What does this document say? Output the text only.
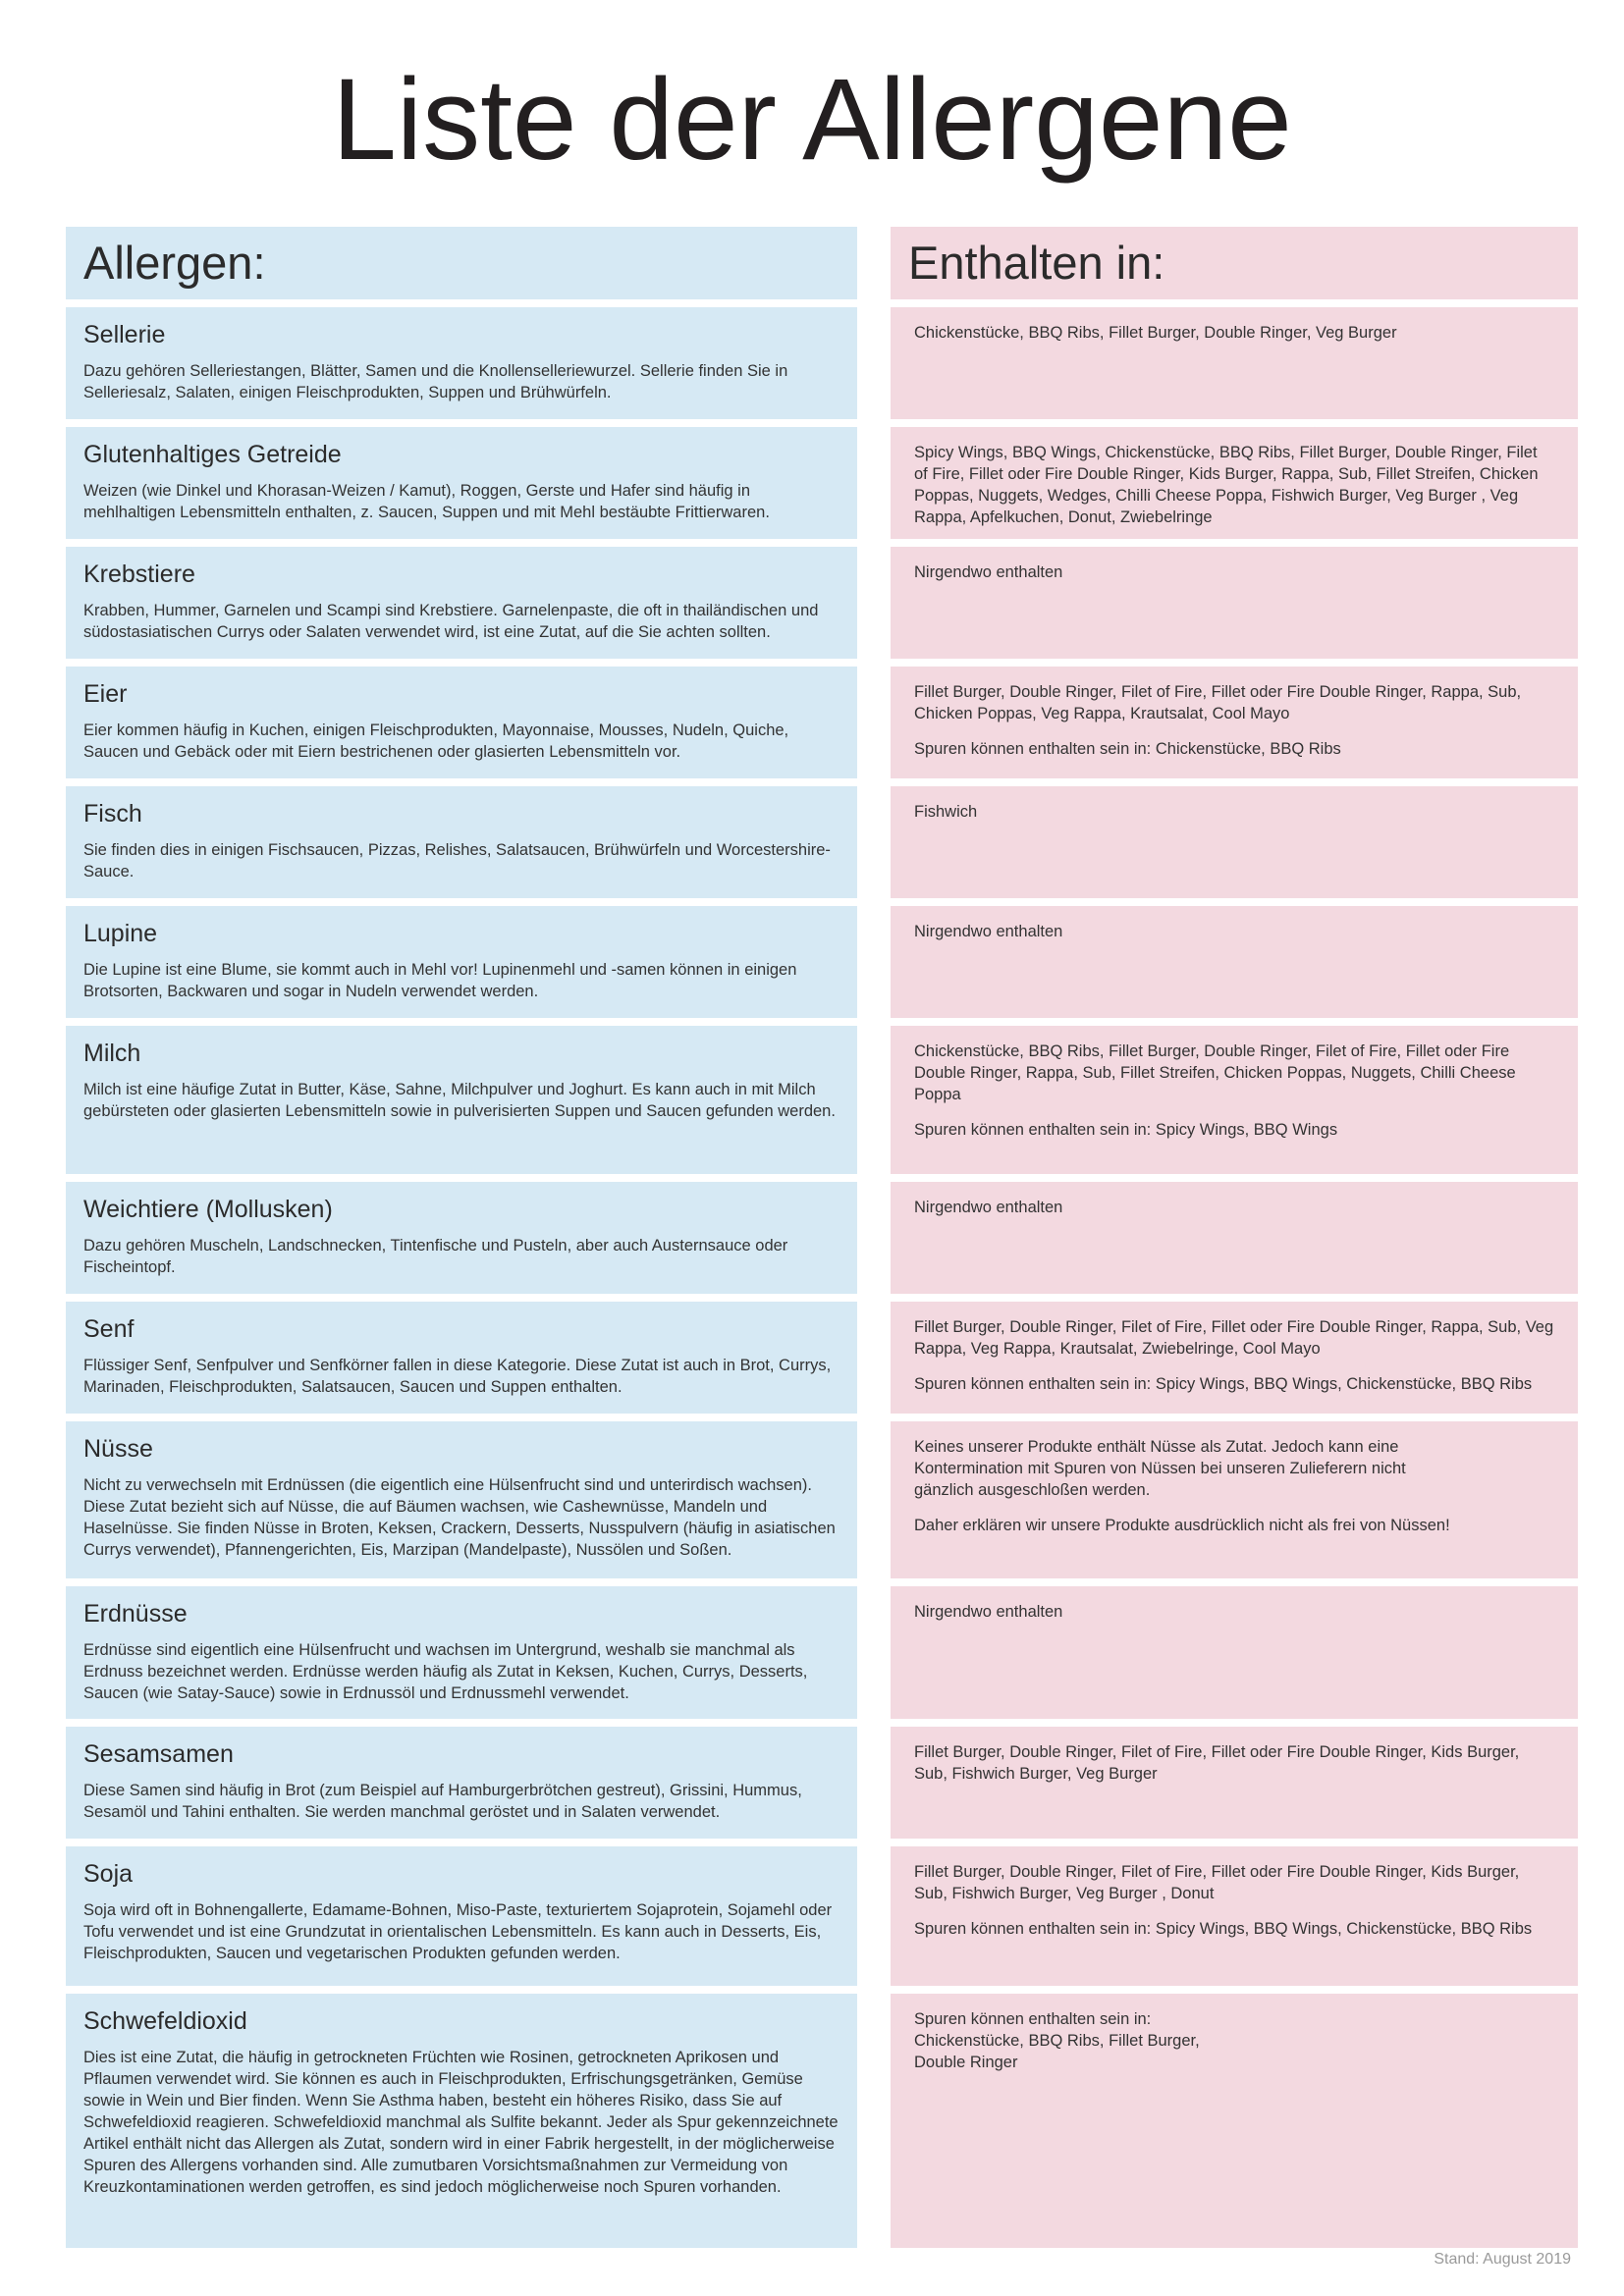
Liste der Allergene
Allergen:	Enthalten in:

Sellerie

Dazu gehören Selleriestangen, Blätter, Samen und die Knollenselleriewurzel. Sellerie finden Sie in Selleriesalz, Salaten, einigen Fleischprodukten, Suppen und Brühwürfeln.

Chickenstücke, BBQ Ribs, Fillet Burger, Double Ringer, Veg Burger

Glutenhaltiges Getreide

Weizen (wie Dinkel und Khorasan-Weizen / Kamut), Roggen, Gerste und Hafer sind häufig in mehlhaltigen Lebensmitteln enthalten, z. Saucen, Suppen und mit Mehl bestäubte Frittierwaren.

Spicy Wings, BBQ Wings, Chickenstücke, BBQ Ribs, Fillet Burger, Double Ringer, Filet of Fire, Fillet oder Fire Double Ringer, Kids Burger, Rappa, Sub, Fillet Streifen, Chicken Poppas, Nuggets, Wedges, Chilli Cheese Poppa, Fishwich Burger, Veg Burger , Veg Rappa, Apfelkuchen, Donut, Zwiebelringe

Krebstiere

Krabben, Hummer, Garnelen und Scampi sind Krebstiere. Garnelenpaste, die oft in thailändischen und südostasiatischen Currys oder Salaten verwendet wird, ist eine Zutat, auf die Sie achten sollten.

Nirgendwo enthalten

Eier

Eier kommen häufig in Kuchen, einigen Fleischprodukten, Mayonnaise, Mousses, Nudeln, Quiche, Saucen und Gebäck oder mit Eiern bestrichenen oder glasierten Lebensmitteln vor.

Fillet Burger, Double Ringer, Filet of Fire, Fillet oder Fire Double Ringer, Rappa, Sub, Chicken Poppas, Veg Rappa, Krautsalat, Cool Mayo

Spuren können enthalten sein in: Chickenstücke, BBQ Ribs

Fisch

Sie finden dies in einigen Fischsaucen, Pizzas, Relishes, Salatsaucen, Brühwürfeln und Worcestershire-Sauce.

Fishwich

Lupine

Die Lupine ist eine Blume, sie kommt auch in Mehl vor! Lupinenmehl und -samen können in einigen Brotsorten, Backwaren und sogar in Nudeln verwendet werden.

Nirgendwo enthalten

Milch

Milch ist eine häufige Zutat in Butter, Käse, Sahne, Milchpulver und Joghurt. Es kann auch in mit Milch gebürsteten oder glasierten Lebensmitteln sowie in pulverisierten Suppen und Saucen gefunden werden.

Chickenstücke, BBQ Ribs, Fillet Burger, Double Ringer, Filet of Fire, Fillet oder Fire Double Ringer, Rappa, Sub, Fillet Streifen, Chicken Poppas, Nuggets, Chilli Cheese Poppa

Spuren können enthalten sein in: Spicy Wings, BBQ Wings

Weichtiere (Mollusken)

Dazu gehören Muscheln, Landschnecken, Tintenfische und Pusteln, aber auch Austernsauce oder Fischeintopf.

Nirgendwo enthalten

Senf

Flüssiger Senf, Senfpulver und Senfkörner fallen in diese Kategorie. Diese Zutat ist auch in Brot, Currys, Marinaden, Fleischprodukten, Salatsaucen, Saucen und Suppen enthalten.

Fillet Burger, Double Ringer, Filet of Fire, Fillet oder Fire Double Ringer, Rappa, Sub, Veg Rappa, Veg Rappa, Krautsalat, Zwiebelringe, Cool Mayo

Spuren können enthalten sein in: Spicy Wings, BBQ Wings, Chickenstücke, BBQ Ribs

Nüsse

Nicht zu verwechseln mit Erdnüssen (die eigentlich eine Hülsenfrucht sind und unterirdisch wachsen). Diese Zutat bezieht sich auf Nüsse, die auf Bäumen wachsen, wie Cashewnüsse, Mandeln und Haselnüsse. Sie finden Nüsse in Broten, Keksen, Crackern, Desserts, Nusspulvern (häufig in asiatischen Currys verwendet), Pfannengerichten, Eis, Marzipan (Mandelpaste), Nussölen und Soßen.

Keines unserer Produkte enthält Nüsse als Zutat. Jedoch kann eine Kontermination mit Spuren von Nüssen bei unseren Zulieferern nicht gänzlich ausgeschloßen werden.

Daher erklären wir unsere Produkte ausdrücklich nicht als frei von Nüssen!

Erdnüsse

Erdnüsse sind eigentlich eine Hülsenfrucht und wachsen im Untergrund, weshalb sie manchmal als Erdnuss bezeichnet werden. Erdnüsse werden häufig als Zutat in Keksen, Kuchen, Currys, Desserts, Saucen (wie Satay-Sauce) sowie in Erdnussöl und Erdnussmehl verwendet.

Nirgendwo enthalten

Sesamsamen

Diese Samen sind häufig in Brot (zum Beispiel auf Hamburgerbrötchen gestreut), Grissini, Hummus, Sesamöl und Tahini enthalten. Sie werden manchmal geröstet und in Salaten verwendet.

Fillet Burger, Double Ringer, Filet of Fire, Fillet oder Fire Double Ringer, Kids Burger, Sub, Fishwich Burger, Veg Burger

Soja

Soja wird oft in Bohnengallerte, Edamame-Bohnen, Miso-Paste, texturiertem Sojaprotein, Sojamehl oder Tofu verwendet und ist eine Grundzutat in orientalischen Lebensmitteln. Es kann auch in Desserts, Eis, Fleischprodukten, Saucen und vegetarischen Produkten gefunden werden.

Fillet Burger, Double Ringer, Filet of Fire, Fillet oder Fire Double Ringer, Kids Burger, Sub, Fishwich Burger, Veg Burger , Donut

Spuren können enthalten sein in: Spicy Wings, BBQ Wings, Chickenstücke, BBQ Ribs

Schwefeldioxid

Dies ist eine Zutat, die häufig in getrockneten Früchten wie Rosinen, getrockneten Aprikosen und Pflaumen verwendet wird. Sie können es auch in Fleischprodukten, Erfrischungsgetränken, Gemüse sowie in Wein und Bier finden. Wenn Sie Asthma haben, besteht ein höheres Risiko, dass Sie auf Schwefeldioxid reagieren. Schwefeldioxid manchmal als Sulfite bekannt. Jeder als Spur gekennzeichnete Artikel enthält nicht das Allergen als Zutat, sondern wird in einer Fabrik hergestellt, in der möglicherweise Spuren des Allergens vorhanden sind. Alle zumutbaren Vorsichtsmaßnahmen zur Vermeidung von Kreuzkontaminationen werden getroffen, es sind jedoch möglicherweise noch Spuren vorhanden.

Spuren können enthalten sein in: Chickenstücke, BBQ Ribs, Fillet Burger, Double Ringer

Stand: August 2019
